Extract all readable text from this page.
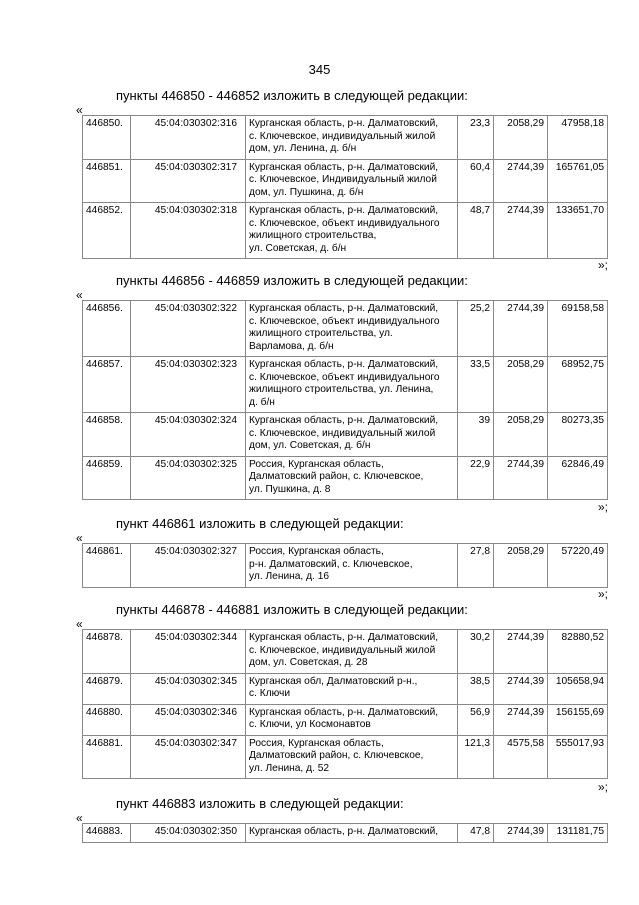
345
пункты 446850 - 446852 изложить в следующей редакции:
«
446850.	45:04:030302:316	Курганская область, р-н. Далматовский,
с. Ключевское, индивидуальный жилой
дом, ул. Ленина, д. б/н	23,3	2058,29	47958,18
446851.	45:04:030302:317	Курганская область, р-н. Далматовский,
с. Ключевское, Индивидуальный жилой
дом, ул. Пушкина, д. б/н	60,4	2744,39	165761,05
446852.	45:04:030302:318	Курганская область, р-н. Далматовский,
с. Ключевское, объект индивидуального
жилищного строительства,
ул. Советская, д. б/н	48,7	2744,39	133651,70
»;
пункты 446856 - 446859 изложить в следующей редакции:
«
446856.	45:04:030302:322	Курганская область, р-н. Далматовский,
с. Ключевское, объект индивидуального
жилищного строительства, ул.
Варламова, д. б/н	25,2	2744,39	69158,58
446857.	45:04:030302:323	Курганская область, р-н. Далматовский,
с. Ключевское, объект индивидуального
жилищного строительства, ул. Ленина,
д. б/н	33,5	2058,29	68952,75
446858.	45:04:030302:324	Курганская область, р-н. Далматовский,
с. Ключевское, индивидуальный жилой
дом, ул. Советская, д. б/н	39	2058,29	80273,35
446859.	45:04:030302:325	Россия, Курганская область,
Далматовский район, с. Ключевское,
ул. Пушкина, д. 8	22,9	2744,39	62846,49
»;
пункт 446861 изложить в следующей редакции:
«
446861.	45:04:030302:327	Россия, Курганская область,
р-н. Далматовский, с. Ключевское,
ул. Ленина, д. 16	27,8	2058,29	57220,49
»;
пункты 446878 - 446881 изложить в следующей редакции:
«
446878.	45:04:030302:344	Курганская область, р-н. Далматовский,
с. Ключевское, индивидуальный жилой
дом, ул. Советская, д. 28	30,2	2744,39	82880,52
446879.	45:04:030302:345	Курганская обл, Далматовский р-н.,
с. Ключи	38,5	2744,39	105658,94
446880.	45:04:030302:346	Курганская область, р-н. Далматовский,
с. Ключи, ул Космонавтов	56,9	2744,39	156155,69
446881.	45:04:030302:347	Россия, Курганская область,
Далматовский район, с. Ключевское,
ул. Ленина, д. 52	121,3	4575,58	555017,93
»;
пункт 446883 изложить в следующей редакции:
«
446883.	45:04:030302:350	Курганская область, р-н. Далматовский,	47,8	2744,39	131181,75
